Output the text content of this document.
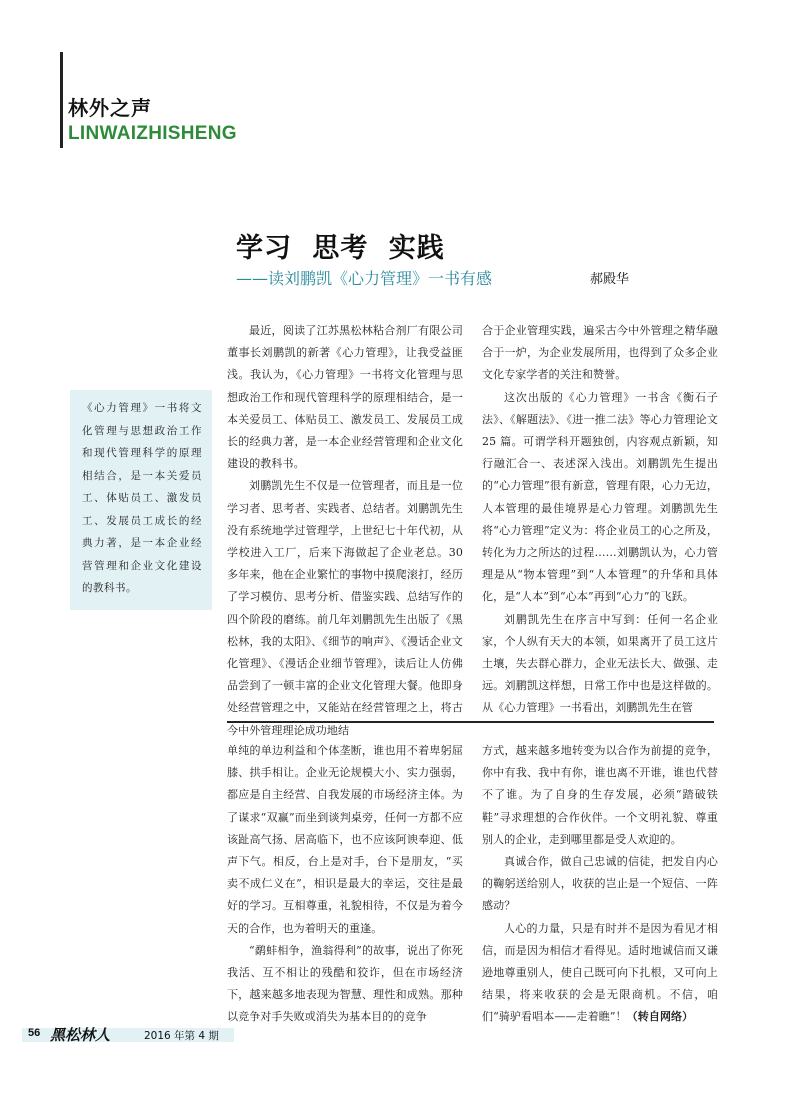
林外之声
LINWAIZHISHENG
学习 思考 实践
——读刘鹏凯《心力管理》一书有感	郝殿华
《心力管理》一书将文化管理与思想政治工作和现代管理科学的原理相结合，是一本关爱员工、体贴员工、激发员工、发展员工成长的经典力著，是一本企业经营管理和企业文化建设的教科书。

最近，阅读了江苏黑松林粘合剂厂有限公司董事长刘鹏凯的新著《心力管理》，让我受益匪浅。我认为，《心力管理》一书将文化管理与思想政治工作和现代管理科学的原理相结合，是一本关爱员工、体贴员工、激发员工、发展员工成长的经典力著，是一本企业经营管理和企业文化建设的教科书。

刘鹏凯先生不仅是一位管理者，而且是一位学习者、思考者、实践者、总结者。刘鹏凯先生没有系统地学过管理学，上世纪七十年代初，从学校进入工厂，后来下海做起了企业老总。30 多年来，他在企业繁忙的事物中摸爬滚打，经历了学习模仿、思考分析、借鉴实践、总结写作的四个阶段的磨练。前几年刘鹏凯先生出版了《黑松林，我的太阳》、《细节的响声》、《漫话企业文化管理》、《漫话企业细节管理》，读后让人仿佛品尝到了一顿丰富的企业文化管理大餐。他即身处经营管理之中，又能站在经营管理之上，将古今中外管理理论成功地结

合于企业管理实践，遍采古今中外管理之精华融合于一炉，为企业发展所用，也得到了众多企业文化专家学者的关注和赞誉。

这次出版的《心力管理》一书含《衡石子法》、《解题法》、《进一推二法》等心力管理论文 25 篇。可谓学科开题独创，内容观点新颖，知行融汇合一、表述深入浅出。刘鹏凯先生提出的“心力管理”很有新意，管理有限，心力无边，人本管理的最佳境界是心力管理。刘鹏凯先生将“心力管理”定义为：将企业员工的心之所及，转化为力之所达的过程……刘鹏凯认为，心力管理是从“物本管理”到“人本管理”的升华和具体化，是“人本”到“心本”再到“心力”的飞跃。

刘鹏凯先生在序言中写到：任何一名企业家，个人纵有天大的本领，如果离开了员工这片土壤，失去群心群力，企业无法长大、做强、走远。刘鹏凯这样想，日常工作中也是这样做的。从《心力管理》一书看出，刘鹏凯先生在管

单纯的单边利益和个体垄断，谁也用不着卑躬屈膝、拱手相让。企业无论规模大小、实力强弱，都应是自主经营、自我发展的市场经济主体。为了谋求“双赢”而坐到谈判桌旁，任何一方都不应该趾高气扬、居高临下，也不应该阿谀奉迎、低声下气。相反，台上是对手，台下是朋友，“买卖不成仁义在”，相识是最大的幸运，交往是最好的学习。互相尊重，礼貌相待，不仅是为着今天的合作，也为着明天的重逢。

“鹬蚌相争，渔翁得利”的故事，说出了你死我活、互不相让的残酷和狡诈，但在市场经济下，越来越多地表现为智慧、理性和成熟。那种以竞争对手失败或消失为基本目的的竞争

方式，越来越多地转变为以合作为前提的竞争，你中有我、我中有你，谁也离不开谁，谁也代替不了谁。为了自身的生存发展，必须“踏破铁鞋”寻求理想的合作伙伴。一个文明礼貌、尊重别人的企业，走到哪里都是受人欢迎的。

真诚合作，做自己忠诚的信徒，把发自内心的鞠躬送给别人，收获的岂止是一个短信、一阵感动？

人心的力量，只是有时并不是因为看见才相信，而是因为相信才看得见。适时地诚信而又谦逊地尊重别人，使自己既可向下扎根，又可向上结果，将来收获的会是无限商机。不信，咱们“骑驴看唱本——走着瞧”！（转自网络）

56 黑松林人	2016 年第 4 期
